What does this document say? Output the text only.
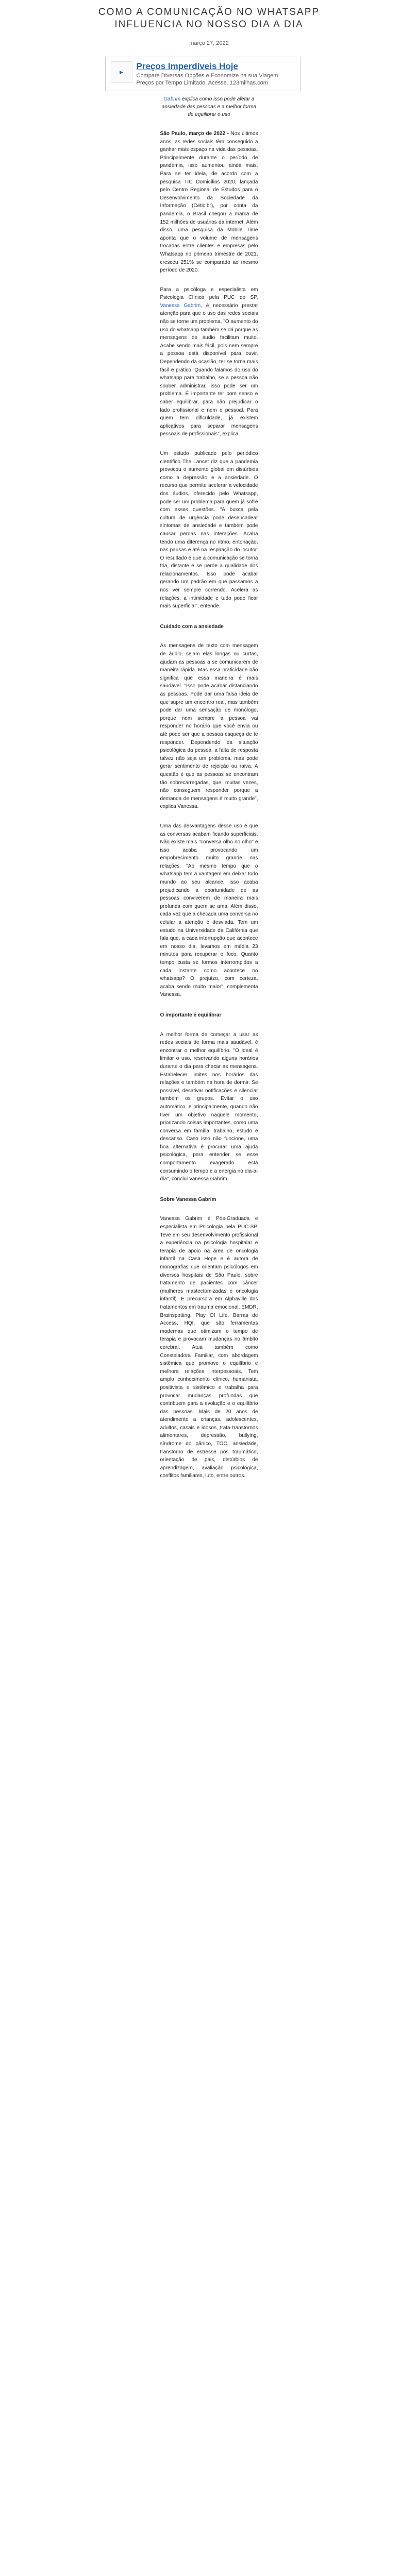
COMO A COMUNICAÇÃO NO WHATSAPP INFLUENCIA NO NOSSO DIA A DIA
março 27, 2022
▶
Preços Imperdíveis Hoje
Compare Diversas Opções e Economize na sua Viagem. Preços por Tempo Limitado. Acesse. 123milhas.com
Gabrim explica como isso pode afetar a ansiedade das pessoas e a melhor forma de equilibrar o uso

São Paulo, março de 2022 - Nos últimos anos, as redes sociais têm conseguido a ganhar mais espaço na vida das pessoas. Principalmente durante o período de pandemia, isso aumentou ainda mais. Para se ter ideia, de acordo com a pesquisa TIC Domicílios 2020, lançada pelo Centro Regional de Estudos para o Desenvolvimento da Sociedade da Informação (Cetic.br), por conta da pandemia, o Brasil chegou a marca de 152 milhões de usuários da internet. Além disso, uma pesquisa da Mobile Time aponta que o volume de mensagens trocadas entre clientes e empresas pelo Whatsapp no primeiro trimestre de 2021, cresceu 251% se comparado ao mesmo período de 2020.

Para a psicóloga e especialista em Psicologia Clínica pela PUC de SP, Vanessa Gabrim, é necessário prestar atenção para que o uso das redes sociais não se torne um problema. "O aumento do uso do whatsapp também se dá porque as mensagens de áudio facilitam muito. Acabe sendo mais fácil, pois nem sempre a pessoa está disponível para ouvir. Dependendo da ocasião, ter se torna mais fácil e prático. Quando falamos do uso do whatsapp para trabalho, se a pessoa não souber administrar, isso pode ser um problema. É importante ter bom senso e saber equilibrar, para não prejudicar o lado profissional e nem o pessoal. Para quem tem dificuldade, já existem aplicativos para separar mensagens pessoais de profissionais", explica.

Um estudo publicado pelo periódico científico The Lancet diz que a pandemia provocou o aumento global em distúrbios como a depressão e a ansiedade. O recurso que permite acelerar a velocidade dos áudios, oferecido pelo Whatsapp, pode ser um problema para quem já sofre com esses questões. "A busca pela cultura de urgência pode desencadear sintomas de ansiedade e também pode causar perdas nas interações. Acaba tendo uma diferença no ritmo, entonação, nas pausas e até na respiração do locutor. O resultado é que a comunicação se torna fria, distante e se perde a qualidade dos relacionamentos. Isso pode acabar gerando um padrão em que passamos a nos ver sempre correndo. Acelera as relações, a intimidade e tudo pode ficar mais superficial", entende.

Cuidado com a ansiedade

As mensagens de texto com mensagem de áudio, sejam elas longas ou curtas, ajudam as pessoas a se comunicarem de maneira rápida. Mas essa praticidade não significa que essa maneira é mais saudável. "Isso pode acabar distanciando as pessoas. Pode dar uma falsa ideia de que supre um encontro real, mas também pode dar uma sensação de monólogo, porque nem sempre a pessoa vai responder no horário que você envia ou até pode ser que a pessoa esqueça de te responder. Dependendo da situação psicológica da pessoa, a falta de resposta talvez não seja um problema, mas pode gerar sentimento de rejeição ou raiva. A questão é que as pessoas se encontram tão sobrecarregadas, que, muitas vezes, não conseguem responder porque a demanda de mensagens é muito grande", explica Vanessa.

Uma das desvantagens desse uso é que as conversas acabam ficando superficiais. Não existe mais "conversa olho no olho" e isso acaba provocando um empobrecimento muito grande nas relações. "Ao mesmo tempo que o whatsapp tem a vantagem em deixar todo mundo ao seu alcance, isso acaba prejudicando a oportunidade de as pessoas conviverem de maneira mais profunda com quem se ama. Além disso, cada vez que a checada uma conversa no celular a atenção é desviada. Tem um estudo na Universidade da Califórnia que fala que, a cada interrupção que acontece em nosso dia, levamos em média 23 minutos para recuperar o foco. Quanto tempo custa se formos interrompidos a cada instante como acontece no whatsapp? O prejuízo, com certeza, acaba sendo muito maior", complementa Vanessa.

O importante é equilibrar

A melhor forma de começar a usar as redes sociais de forma mais saudável, é encontrar o melhor equilíbrio. "O ideal é limitar o uso, reservando alguns horários durante o dia para checar as mensagens. Estabelecer limites nos horários das relações e também na hora de dormir. Se possível, desativar notificações e silenciar também os grupos. Evitar o uso automático, e principalmente, quando não tiver um objetivo naquele momento, priorizando coisas importantes, como uma conversa em família, trabalho, estudo e descanso. Caso isso não funcione, uma boa alternativa é procurar uma ajuda psicológica, para entender se esse comportamento exagerado está consumindo o tempo e a energia no dia-a-dia", conclui Vanessa Gabrim.

Sobre Vanessa Gabrim

Vanessa Gabrim é Pós-Graduada e especialista em Psicologia pela PUC-SP. Teve em seu desenvolvimento profissional a experiência na psicologia hospitalar e terapia de apoio na área de oncologia infantil na Casa Hope e é autora de monografias que orientam psicólogos em diversos hospitais de São Paulo, sobre tratamento de pacientes com câncer (mulheres mastectomizadas e oncologia infantil). É precursora em Alphaville dos tratamentos em trauma emocional, EMDR, Brainspotting, Play Of Life, Barras de Access, HQI, que são ferramentas modernas que otimizam o tempo de terapia e provocam mudanças no âmbito cerebral. Atua também como Consteladora Familiar, com abordagem sistêmica que promove o equilíbrio e melhora relações interpessoais. Tem amplo conhecimento clínico, humanista, positivista e sistêmico e trabalha para provocar mudanças profundas que contribuem para a evolução e o equilíbrio das pessoas. Mais de 20 anos de atendimento a crianças, adolescentes, adultos, casais e idosos, trata transtornos alimentares, depressão, bullying, síndrome do pânico, TOC, ansiedade, transtorno de estresse pós traumático, orientação de pais, distúrbios de aprendizagem, avaliação psicológica, conflitos familiares, luto, entre outros.
